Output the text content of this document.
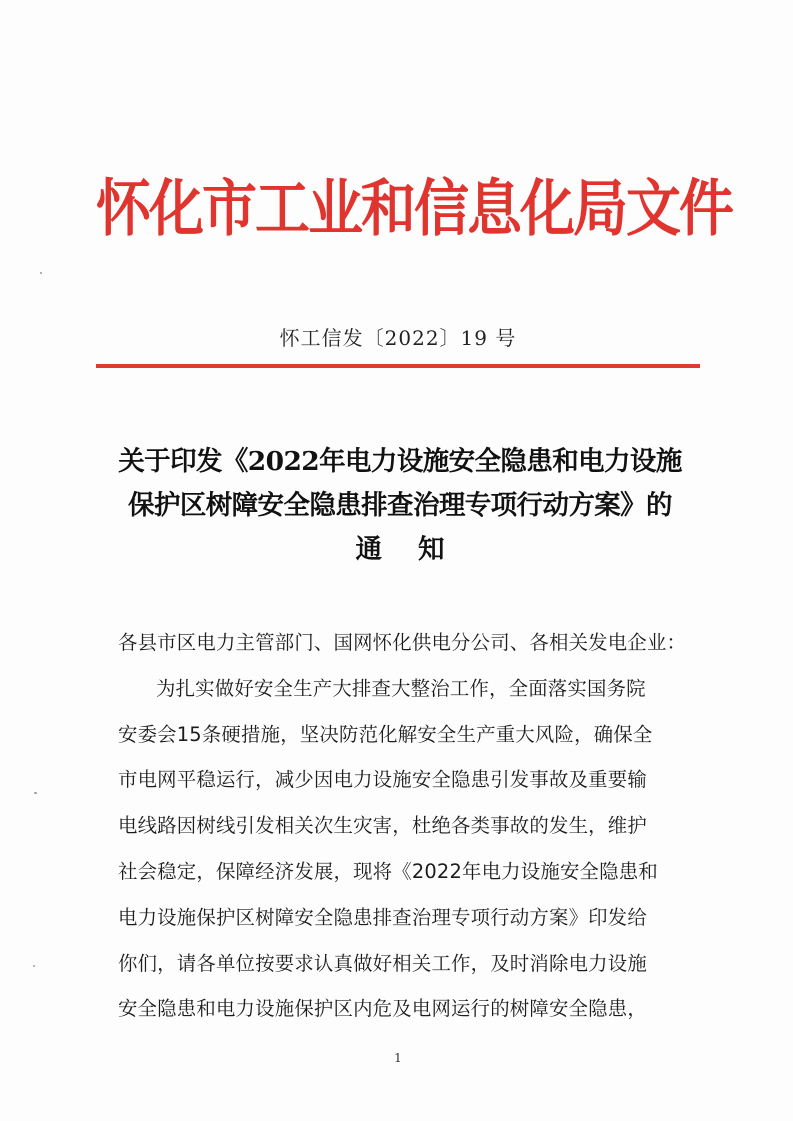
怀化市工业和信息化局文件
怀工信发〔2022〕19 号
关于印发《2022年电力设施安全隐患和电力设施
保护区树障安全隐患排查治理专项行动方案》的
通知
各县市区电力主管部门、国网怀化供电分公司、各相关发电企业：
为扎实做好安全生产大排查大整治工作，全面落实国务院
安委会15条硬措施，坚决防范化解安全生产重大风险，确保全
市电网平稳运行，减少因电力设施安全隐患引发事故及重要输
电线路因树线引发相关次生灾害，杜绝各类事故的发生，维护
社会稳定，保障经济发展，现将《2022年电力设施安全隐患和
电力设施保护区树障安全隐患排查治理专项行动方案》印发给
你们，请各单位按要求认真做好相关工作，及时消除电力设施
安全隐患和电力设施保护区内危及电网运行的树障安全隐患，
1
